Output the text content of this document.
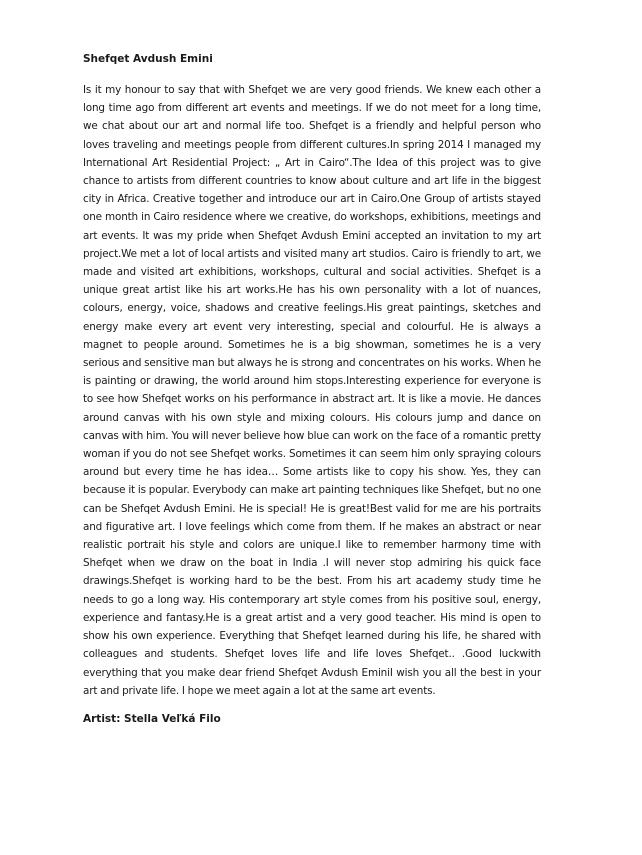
Shefqet Avdush Emini

Is it my honour to say that with Shefqet we are very good friends. We knew each other a long time ago from different art events and meetings. If we do not meet for a long time, we chat about our art and normal life too. Shefqet is a friendly and helpful person who loves traveling and meetings people from different cultures.In spring 2014 I managed my International Art Residential Project: „ Art in Cairo“.The Idea of this project was to give chance to artists from different countries to know about culture and art life in the biggest city in Africa. Creative together and introduce our art in Cairo.One Group of artists stayed one month in Cairo residence where we creative, do workshops, exhibitions, meetings and art events. It was my pride when Shefqet Avdush Emini accepted an invitation to my art project.We met a lot of local artists and visited many art studios. Cairo is friendly to art, we made and visited art exhibitions, workshops, cultural and social activities. Shefqet is a unique great artist like his art works.He has his own personality with a lot of nuances, colours, energy, voice, shadows and creative feelings.His great paintings, sketches and energy make every art event very interesting, special and colourful. He is always a magnet to people around. Sometimes he is a big showman, sometimes he is a very serious and sensitive man but always he is strong and concentrates on his works. When he is painting or drawing, the world around him stops.Interesting experience for everyone is to see how Shefqet works on his performance in abstract art. It is like a movie. He dances around canvas with his own style and mixing colours. His colours jump and dance on canvas with him. You will never believe how blue can work on the face of a romantic pretty woman if you do not see Shefqet works. Sometimes it can seem him only spraying colours around but every time he has idea… Some artists like to copy his show. Yes, they can because it is popular. Everybody can make art painting techniques like Shefqet, but no one can be Shefqet Avdush Emini. He is special! He is great!Best valid for me are his portraits and figurative art. I love feelings which come from them. If he makes an abstract or near realistic portrait his style and colors are unique.I like to remember harmony time with Shefqet when we draw on the boat in India .I will never stop admiring his quick face drawings.Shefqet is working hard to be the best. From his art academy study time he needs to go a long way. His contemporary art style comes from his positive soul, energy, experience and fantasy.He is a great artist and a very good teacher. His mind is open to show his own experience. Everything that Shefqet learned during his life, he shared with colleagues and students. Shefqet loves life and life loves Shefqet.. .Good luckwith everything that you make dear friend Shefqet Avdush EminiI wish you all the best in your art and private life. I hope we meet again a lot at the same art events.

Artist: Stella Veľká Filo
